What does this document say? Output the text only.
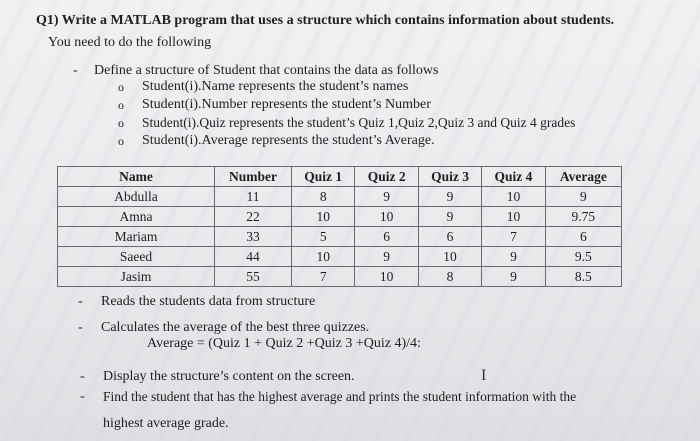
Q1) Write a MATLAB program that uses a structure which contains information about students.
You need to do the following
- Define a structure of Student that contains the data as follows
o Student(i).Name represents the student’s names
o Student(i).Number represents the student’s Number
o Student(i).Quiz represents the student’s Quiz 1,Quiz 2,Quiz 3 and Quiz 4 grades
o Student(i).Average represents the student’s Average.
Name	Number	Quiz 1	Quiz 2	Quiz 3	Quiz 4	Average
Abdulla	11	8	9	9	10	9
Amna	22	10	10	9	10	9.75
Mariam	33	5	6	6	7	6
Saeed	44	10	9	10	9	9.5
Jasim	55	7	10	8	9	8.5
- Reads the students data from structure
- Calculates the average of the best three quizzes.
Average = (Quiz 1 + Quiz 2 +Quiz 3 +Quiz 4)/4:
- Display the structure’s content on the screen.	I
- Find the student that has the highest average and prints the student information with the
highest average grade.
